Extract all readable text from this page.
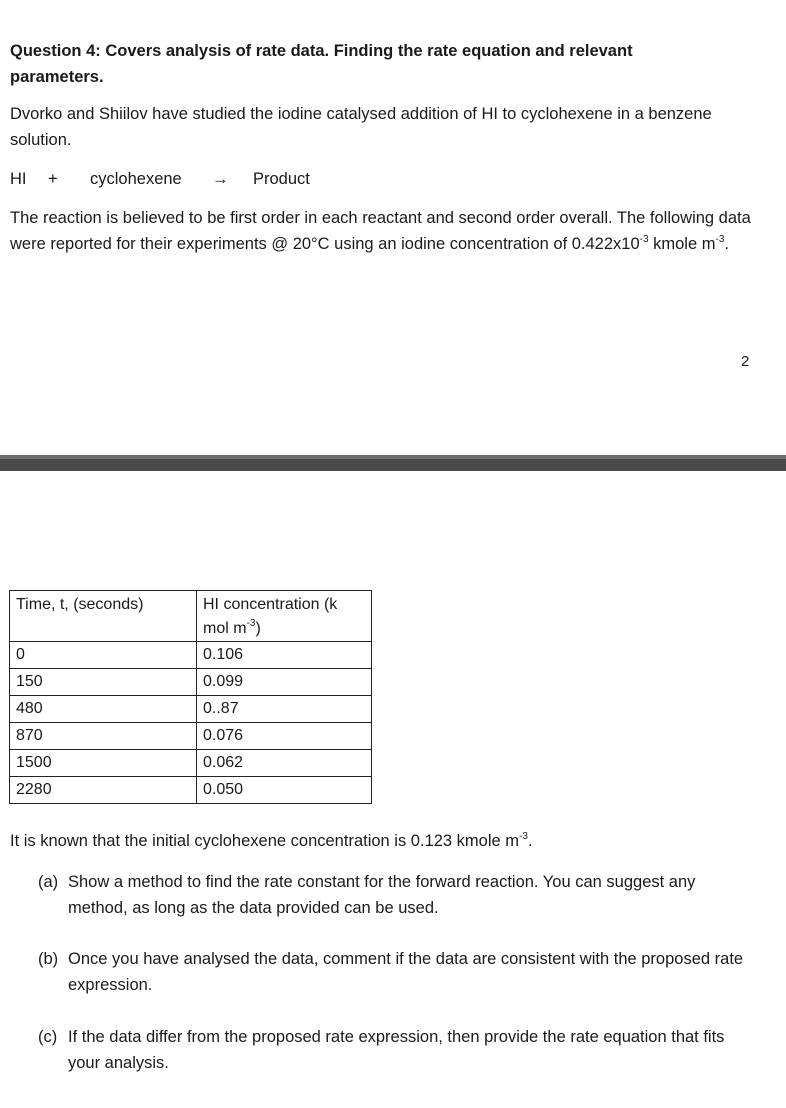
Question 4: Covers analysis of rate data. Finding the rate equation and relevant parameters.

Dvorko and Shiilov have studied the iodine catalysed addition of HI to cyclohexene in a benzene solution.

HI + cyclohexene → Product

The reaction is believed to be first order in each reactant and second order overall. The following data were reported for their experiments @ 20°C using an iodine concentration of $0.422x10^{-3}$ kmole $m^{-3}$.

2
Time, t, (seconds)	HI concentration (k
mol $m^{-3}$)
0	0.106
150	0.099
480	0..87
870	0.076
1500	0.062
2280	0.050

It is known that the initial cyclohexene concentration is 0.123 kmole $m^{-3}$.

(a) Show a method to find the rate constant for the forward reaction. You can suggest any method, as long as the data provided can be used.
(b) Once you have analysed the data, comment if the data are consistent with the proposed rate expression.
(c) If the data differ from the proposed rate expression, then provide the rate equation that fits your analysis.
